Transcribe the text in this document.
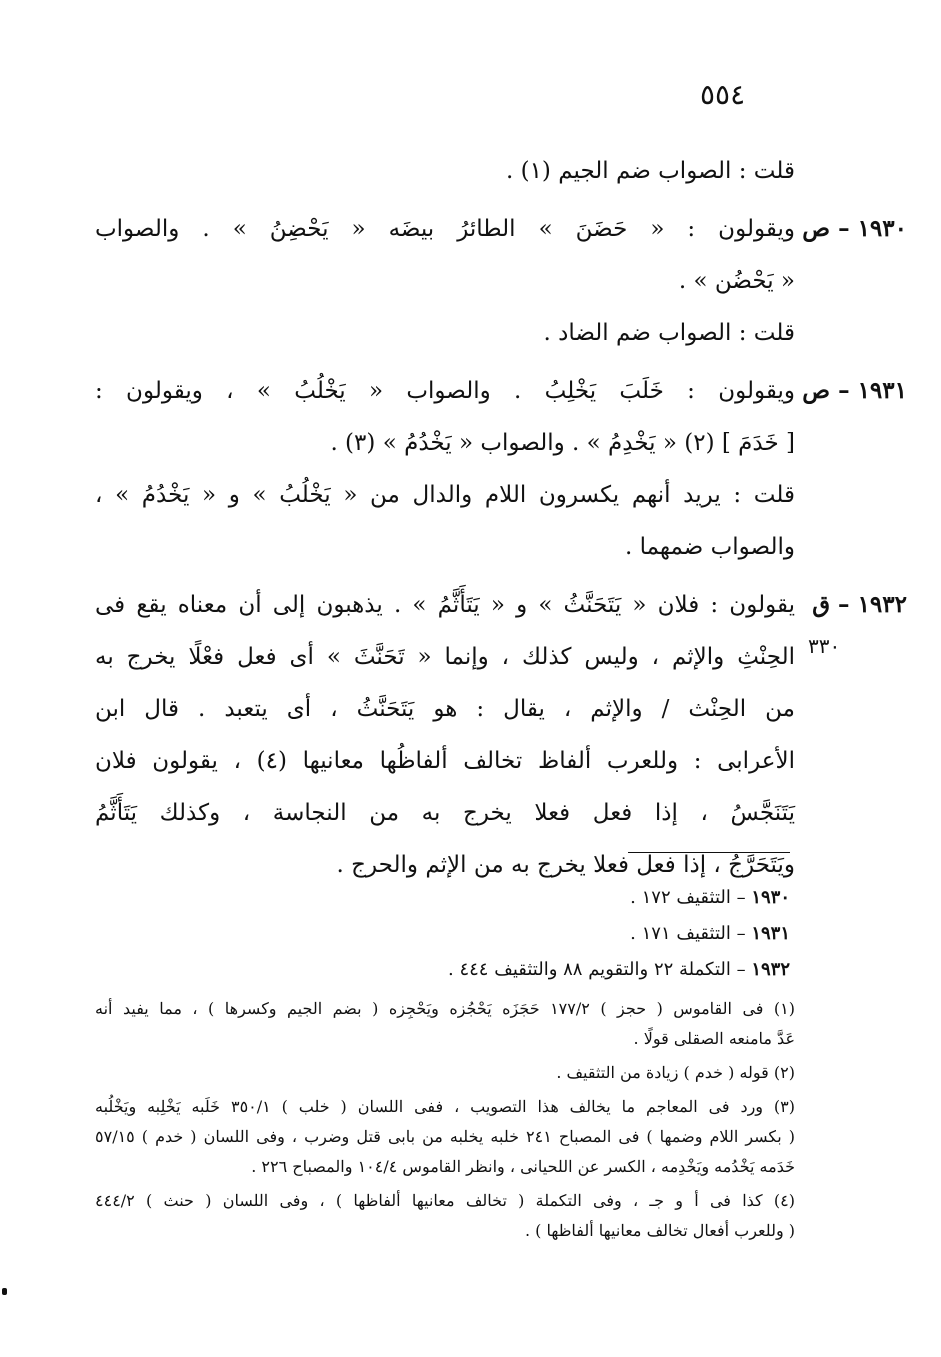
٥٥٤
قلت : الصواب ضم الجيم (١) .
١٩٣٠ – ص
ويقولون : « حَضَنَ » الطائرُ بيضَه « يَحْضِنُ » . والصواب
« يَحْضُن » .
قلت : الصواب ضم الضاد .
١٩٣١ – ص
ويقولون : خَلَبَ يَخْلِبُ . والصواب « يَخْلُبُ » ، ويقولون :
[ خَدَمَ ] (٢) « يَخْدِمُ » . والصواب « يَخْدُمُ » (٣) .
قلت : يريد أنهم يكسرون اللام والدال من « يَخْلُبُ » و « يَخْدُمُ » ،
والصواب ضمهما .
١٩٣٢ – ق
يقولون : فلان « يَتَحَنَّثُ » و « يَتَأَثَّمُ » . يذهبون إلى أن معناه يقع فى
الحِنْثِ والإثم ، وليس كذلك ، وإنما « تَحَنَّثَ » أى فعل فعْلًا يخرج به
من الحِنْث / والإثم ، يقال : هو يَتَحَنَّثُ ، أى يتعبد . قال ابن
الأعرابى : وللعرب ألفاظ تخالف ألفاظُها معانيها (٤) ، يقولون فلان
يَتَنَجَّسُ ، إذا فعل فعلا يخرج به من النجاسة ، وكذلك يَتَأَثَّمُ
ويَتَحَرَّجُ ، إذا فعل فعلا يخرج به من الإثم والحرج .
٣٣٠
١٩٣٠ – التثقيف ١٧٢ .
١٩٣١ – التثقيف ١٧١ .
١٩٣٢ – التكملة ٢٢ والتقويم ٨٨ والتثقيف ٤٤٤ .
(١) فى القاموس ( حجز ) ١٧٧/٢ حَجَزَه يَحْجُزه ويَحْجِزه ( بضم الجيم وكسرها ) ، مما يفيد أنه
عَدَّ مامنعه الصقلى قولًا .
(٢) قوله ( خدم ) زيادة من التثقيف .
(٣) ورد فى المعاجم ما يخالف هذا التصويب ، ففى اللسان ( خلب ) ٣٥٠/١ خَلَبه يَخْلِبه ويَخْلُبه
( بكسر اللام وضمها ) فى المصباح ٢٤١ خلبه يخلبه من بابى قتل وضرب ، وفى اللسان ( خدم ) ٥٧/١٥
خَدَمه يَخْدُمه ويَخْدِمه ، الكسر عن اللحيانى ، وانظر القاموس ١٠٤/٤ والمصباح ٢٢٦ .
(٤) كذا فى أ و جـ ، وفى التكملة ( تخالف معانيها ألفاظها ) ، وفى اللسان ( حنث ) ٤٤٤/٢
( وللعرب أفعال تخالف معانيها ألفاظها ) .
